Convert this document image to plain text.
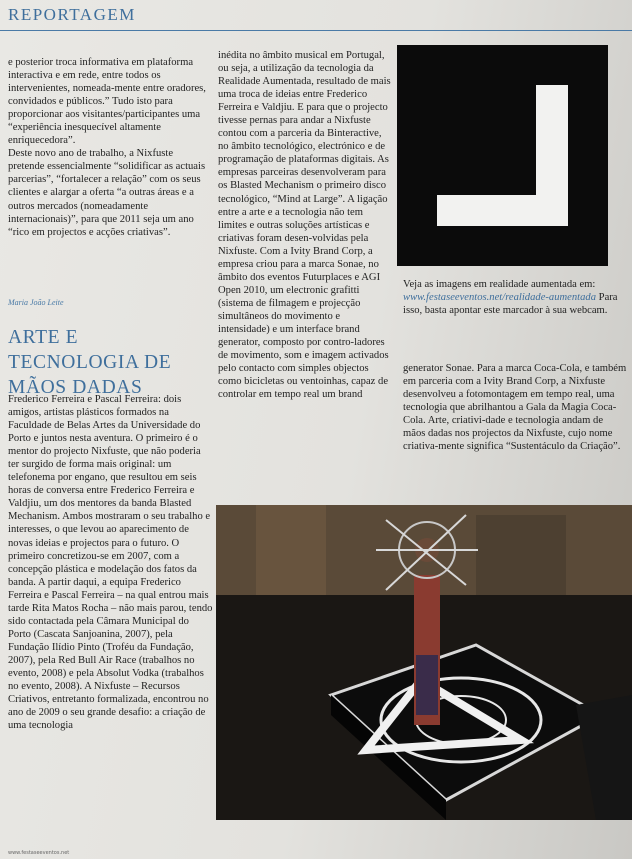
REPORTAGEM

e posterior troca informativa em plataforma interactiva e em rede, entre todos os intervenientes, nomeada-mente entre oradores, convidados e públicos.” Tudo isto para proporcionar aos visitantes/participantes uma “experiência inesquecível altamente enriquecedora”.

Deste novo ano de trabalho, a Nixfuste pretende essencialmente “solidificar as actuais parcerias”, “fortalecer a relação” com os seus clientes e alargar a oferta “a outras áreas e a outros mercados (nomeadamente internacionais)”, para que 2011 seja um ano “rico em projectos e acções criativas”.

Maria João Leite
ARTE E TECNOLOGIA DE MÃOS DADAS

Frederico Ferreira e Pascal Ferreira: dois amigos, artistas plásticos formados na Faculdade de Belas Artes da Universidade do Porto e juntos nesta aventura. O primeiro é o mentor do projecto Nixfuste, que não poderia ter surgido de forma mais original: um telefonema por engano, que resultou em seis horas de conversa entre Frederico Ferreira e Valdjiu, um dos mentores da banda Blasted Mechanism. Ambos mostraram o seu trabalho e interesses, o que levou ao aparecimento de novas ideias e projectos para o futuro. O primeiro concretizou-se em 2007, com a concepção plástica e modelação dos fatos da banda. A partir daqui, a equipa Frederico Ferreira e Pascal Ferreira – na qual entrou mais tarde Rita Matos Rocha – não mais parou, tendo sido contactada pela Câmara Municipal do Porto (Cascata Sanjoanina, 2007), pela Fundação Ilídio Pinto (Troféu da Fundação, 2007), pela Red Bull Air Race (trabalhos no evento, 2008) e pela Absolut Vodka (trabalhos no evento, 2008). A Nixfuste – Recursos Criativos, entretanto formalizada, encontrou no ano de 2009 o seu grande desafio: a criação de uma tecnologia

inédita no âmbito musical em Portugal, ou seja, a utilização da tecnologia da Realidade Aumentada, resultado de mais uma troca de ideias entre Frederico Ferreira e Valdjiu. E para que o projecto tivesse pernas para andar a Nixfuste contou com a parceria da Binteractive, no âmbito tecnológico, electrónico e de programação de plataformas digitais. As empresas parceiras desenvolveram para os Blasted Mechanism o primeiro disco tecnológico, “Mind at Large”. A ligação entre a arte e a tecnologia não tem limites e outras soluções artísticas e criativas foram desen-volvidas pela Nixfuste. Com a Ivity Brand Corp, a empresa criou para a marca Sonae, no âmbito dos eventos Futurplaces e AGI Open 2010, um electronic grafitti (sistema de filmagem e projecção simultâneos do movimento e intensidade) e um interface brand generator, composto por contro-ladores de movimento, som e imagem activados pelo contacto com simples objectos como bicicletas ou ventoinhas, capaz de controlar em tempo real um brand

Veja as imagens em realidade aumentada em: www.festaseeventos.net/realidade-aumentada Para isso, basta apontar este marcador à sua webcam.

generator Sonae. Para a marca Coca-Cola, e também em parceria com a Ivity Brand Corp, a Nixfuste desenvolveu a fotomontagem em tempo real, uma tecnologia que abrilhantou a Gala da Magia Coca-Cola. Arte, criativi-dade e tecnologia andam de mãos dadas nos projectos da Nixfuste, cujo nome criativa-mente significa “Sustentáculo da Criação”.

www.festaseeventos.net
